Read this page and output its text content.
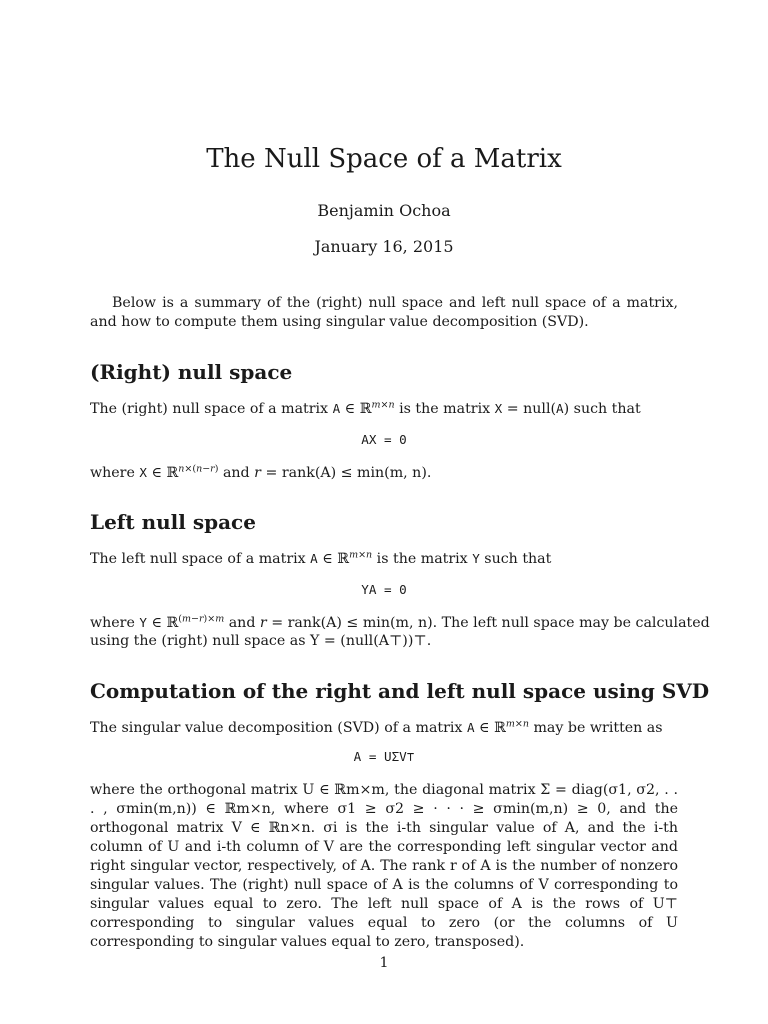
The Null Space of a Matrix
Benjamin Ochoa
January 16, 2015

Below is a summary of the (right) null space and left null space of a matrix, and how to compute them using singular value decomposition (SVD).

(Right) null space
The (right) null space of a matrix A ∈ ℝ$^{m\times n}$ is the matrix X = null(A) such that
AX = 0
where X ∈ ℝ$^{n\times(n-r)}$ and r = rank(A) ≤ min(m, n).
Left null space
The left null space of a matrix A ∈ ℝ$^{m\times n}$ is the matrix Y such that
YA = 0
where Y ∈ ℝ$^{(m-r)\times m}$ and r = rank(A) ≤ min(m, n). The left null space may be calculated
using the (right) null space as Y = (null(A⊤))⊤.
Computation of the right and left null space using SVD
The singular value decomposition (SVD) of a matrix A ∈ ℝ$^{m\times n}$ may be written as
A = UΣV⊤

where the orthogonal matrix U ∈ ℝm×m, the diagonal matrix Σ = diag(σ1, σ2, . . . , σmin(m,n)) ∈ ℝm×n, where σ1 ≥ σ2 ≥ · · · ≥ σmin(m,n) ≥ 0, and the orthogonal matrix V ∈ ℝn×n. σi is the i-th singular value of A, and the i-th column of U and i-th column of V are the corresponding left singular vector and right singular vector, respectively, of A. The rank r of A is the number of nonzero singular values. The (right) null space of A is the columns of V corresponding to singular values equal to zero. The left null space of A is the rows of U⊤ corresponding to singular values equal to zero (or the columns of U corresponding to singular values equal to zero, transposed).

1
